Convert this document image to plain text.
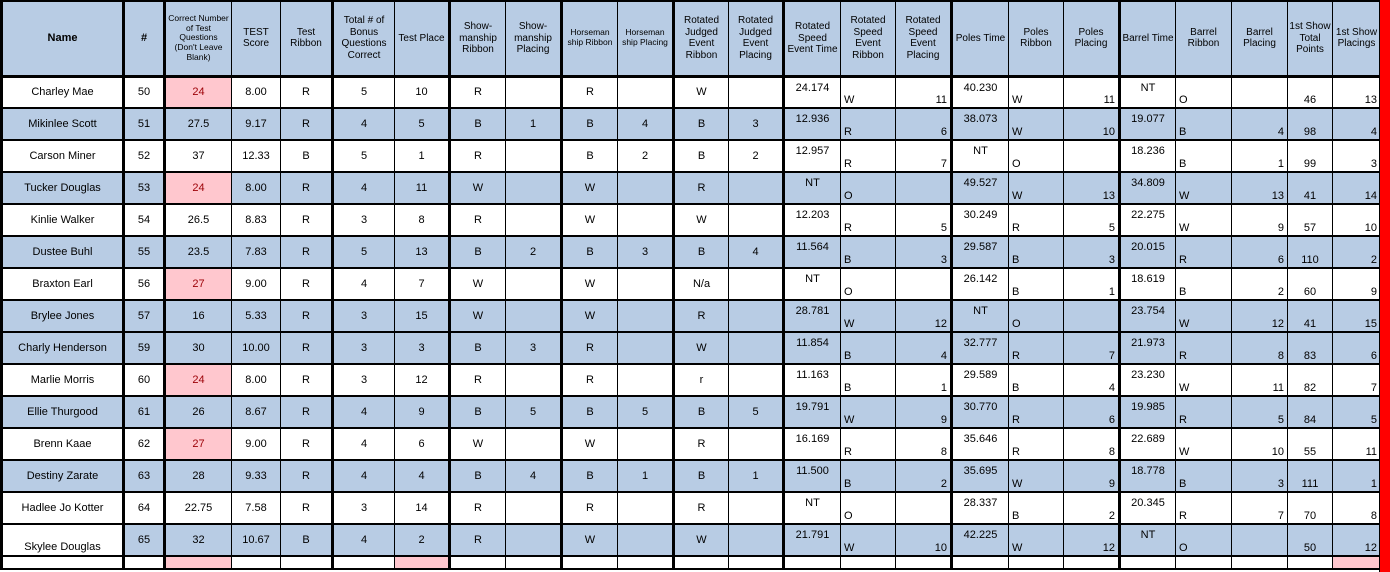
Name	#	Correct Number of Test Questions (Don't Leave Blank)	TEST Score	Test Ribbon	Total # of Bonus Questions Correct	Test Place	Show-manship Ribbon	Show-manship Placing	Horseman ship Ribbon	Horseman ship Placing	Rotated Judged Event Ribbon	Rotated Judged Event Placing	Rotated Speed Event Time	Rotated Speed Event Ribbon	Rotated Speed Event Placing	Poles Time	Poles Ribbon	Poles Placing	Barrel Time	Barrel Ribbon	Barrel Placing	1st Show Total Points	1st Show Placings
Charley Mae	50	24	8.00	R	5	10	R		R		W		24.174	W	11	40.230	W	11	NT	O		46	13
Mikinlee Scott	51	27.5	9.17	R	4	5	B	1	B	4	B	3	12.936	R	6	38.073	W	10	19.077	B	4	98	4
Carson Miner	52	37	12.33	B	5	1	R		B	2	B	2	12.957	R	7	NT	O		18.236	B	1	99	3
Tucker Douglas	53	24	8.00	R	4	11	W		W		R		NT	O		49.527	W	13	34.809	W	13	41	14
Kinlie Walker	54	26.5	8.83	R	3	8	R		W		W		12.203	R	5	30.249	R	5	22.275	W	9	57	10
Dustee Buhl	55	23.5	7.83	R	5	13	B	2	B	3	B	4	11.564	B	3	29.587	B	3	20.015	R	6	110	2
Braxton Earl	56	27	9.00	R	4	7	W		W		N/a		NT	O		26.142	B	1	18.619	B	2	60	9
Brylee Jones	57	16	5.33	R	3	15	W		W		R		28.781	W	12	NT	O		23.754	W	12	41	15
Charly Henderson	59	30	10.00	R	3	3	B	3	R		W		11.854	B	4	32.777	R	7	21.973	R	8	83	6
Marlie Morris	60	24	8.00	R	3	12	R		R		r		11.163	B	1	29.589	B	4	23.230	W	11	82	7
Ellie Thurgood	61	26	8.67	R	4	9	B	5	B	5	B	5	19.791	W	9	30.770	R	6	19.985	R	5	84	5
Brenn Kaae	62	27	9.00	R	4	6	W		W		R		16.169	R	8	35.646	R	8	22.689	W	10	55	11
Destiny Zarate	63	28	9.33	R	4	4	B	4	B	1	B	1	11.500	B	2	35.695	W	9	18.778	B	3	111	1
Hadlee Jo Kotter	64	22.75	7.58	R	3	14	R		R		R		NT	O		28.337	B	2	20.345	R	7	70	8
Skylee Douglas	65	32	10.67	B	4	2	R		W		W		21.791	W	10	42.225	W	12	NT	O		50	12
